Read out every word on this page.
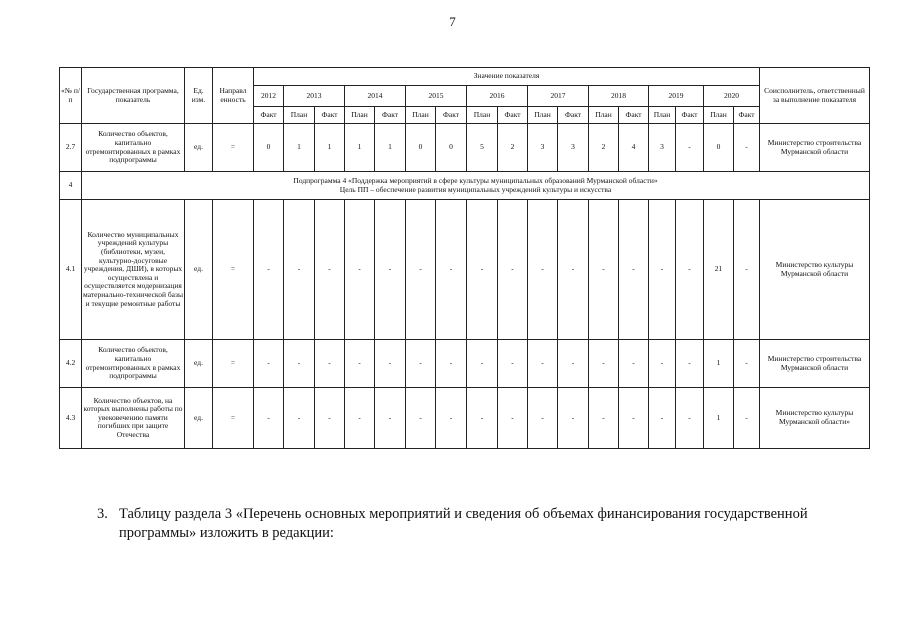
7
«№ п/п	Государственная программа, показатель	Ед. изм.	Направл енность	Значение показателя																	Соисполнитель, ответственный за выполнение показателя
				2012	2013		2014		2015		2016		2017		2018		2019		2020		
				Факт	План	Факт	План	Факт	План	Факт	План	Факт	План	Факт	План	Факт	План	Факт	План	Факт	
2.7	Количество объектов, капитально отремонтированных в рамках подпрограммы	ед.	=	0	1	1	1	1	0	0	5	2	3	3	2	4	3	-	0	-	Министерство строительства Мурманской области
4	Подпрограмма 4 «Поддержка мероприятий в сфере культуры муниципальных образований Мурманской области»
Цель ПП – обеспечение развития муниципальных учреждений культуры и искусства																				

4.1	Количество муниципальных учреждений культуры (библиотеки, музеи, культурно-досуговые учреждения, ДШИ), в которых осуществлена и осуществляется модернизация материально-технической базы и текущие ремонтные работы	ед.	=	-	-	-	-	-	-	-	-	-	-	-	-	-	-	-	21	-	Министерство культуры Мурманской области
4.2	Количество объектов, капитально отремонтированных в рамках подпрограммы	ед.	=	-	-	-	-	-	-	-	-	-	-	-	-	-	-	-	1	-	Министерство строительства Мурманской области
4.3	Количество объектов, на которых выполнены работы по увековечению памяти погибших при защите Отечества	ед.	=	-	-	-	-	-	-	-	-	-	-	-	-	-	-	-	1	-	Министерство культуры Мурманской области»
3. Таблицу раздела 3 «Перечень основных мероприятий и сведения об объемах финансирования государственной
программы» изложить в редакции:
